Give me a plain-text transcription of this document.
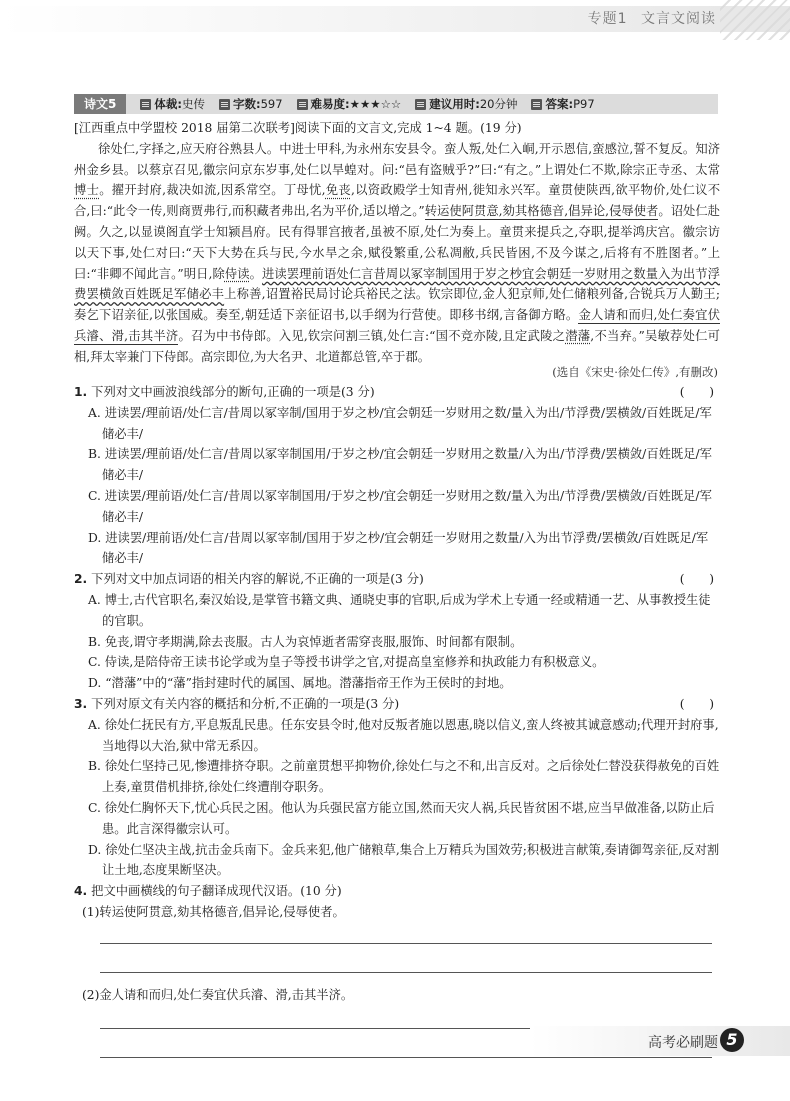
专题1 文言文阅读
诗文5	体裁 : 史传 字数 : 597 难易度 : ★★★☆☆ 建议用时 : 20分钟 答案 : P97

[江西重点中学盟校 2018 届第二次联考]阅读下面的文言文,完成 1~4 题。(19 分)

徐处仁,字择之,应天府谷熟县人。中进士甲科,为永州东安县令。蛮人叛,处仁入峒,开示恩信,蛮感泣,誓不复反。知济州金乡县。以蔡京召见,徽宗问京东岁事,处仁以旱蝗对。问:“邑有盗贼乎?”曰:“有之。”上谓处仁不欺,除宗正寺丞、太常博士。擢开封府,裁决如流,因系常空。丁母忧,免丧,以资政殿学士知青州,徙知永兴军。童贯使陕西,欲平物价,处仁议不合,曰:“此令一传,则商贾弗行,而积藏者弗出,名为平价,适以增之。”转运使阿贯意,劾其格德音,倡异论,侵辱使者。诏处仁赴阙。久之,以显谟阁直学士知颍昌府。民有得罪宫掖者,虽被不原,处仁为奏上。童贯来提兵之,夺职,提举鸿庆宫。徽宗访以天下事,处仁对曰:“天下大势在兵与民,今水旱之余,赋役繁重,公私凋敝,兵民皆困,不及今谋之,后将有不胜图者。”上曰:“非卿不闻此言。”明日,除侍读。进读罢理前语处仁言昔周以冢宰制国用于岁之杪宜会朝廷一岁财用之数量入为出节浮费罢横敛百姓既足军储必丰上称善,诏置裕民局讨论兵裕民之法。钦宗即位,金人犯京师,处仁储粮列备,合锐兵万人勤王;奏乞下诏亲征,以张国威。奏至,朝廷适下亲征诏书,以手纲为行营使。即移书纲,言备御方略。金人请和而归,处仁奏宜伏兵濬、滑,击其半济。召为中书侍郎。入见,钦宗问割三镇,处仁言:“国不竞亦陵,且定武陵之潜藩,不当弃。”吴敏荐处仁可相,拜太宰兼门下侍郎。高宗即位,为大名尹、北道都总管,卒于郡。

(选自《宋史·徐处仁传》,有删改)
1. 下列对文中画波浪线部分的断句,正确的一项是(3 分)	(　　)
A. 进读罢/理前语/处仁言/昔周以冢宰制/国用于岁之杪/宜会朝廷一岁财用之数/量入为出/节浮费/罢横敛/百姓既足/军储必丰/
B. 进读罢/理前语/处仁言/昔周以冢宰制国用/于岁之杪/宜会朝廷一岁财用之数量/入为出/节浮费/罢横敛/百姓既足/军储必丰/
C. 进读罢/理前语/处仁言/昔周以冢宰制国用/于岁之杪/宜会朝廷一岁财用之数/量入为出/节浮费/罢横敛/百姓既足/军储必丰/
D. 进读罢/理前语/处仁言/昔周以冢宰制/国用于岁之杪/宜会朝廷一岁财用之数量/入为出节浮费/罢横敛/百姓既足/军储必丰/
2. 下列对文中加点词语的相关内容的解说,不正确的一项是(3 分)	(　　)
A. 博士,古代官职名,秦汉始设,是掌管书籍文典、通晓史事的官职,后成为学术上专通一经或精通一艺、从事教授生徒的官职。
B. 免丧,谓守孝期满,除去丧服。古人为哀悼逝者需穿丧服,服饰、时间都有限制。
C. 侍读,是陪侍帝王读书论学或为皇子等授书讲学之官,对提高皇室修养和执政能力有积极意义。
D. “潜藩”中的“藩”指封建时代的属国、属地。潜藩指帝王作为王侯时的封地。
3. 下列对原文有关内容的概括和分析,不正确的一项是(3 分)	(　　)
A. 徐处仁抚民有方,平息叛乱民患。任东安县令时,他对反叛者施以恩惠,晓以信义,蛮人终被其诚意感动;代理开封府事,当地得以大治,狱中常无系囚。
B. 徐处仁坚持己见,惨遭排挤夺职。之前童贯想平抑物价,徐处仁与之不和,出言反对。之后徐处仁替没获得赦免的百姓上奏,童贯借机排挤,徐处仁终遭削夺职务。
C. 徐处仁胸怀天下,忧心兵民之困。他认为兵强民富方能立国,然而天灾人祸,兵民皆贫困不堪,应当早做准备,以防止后患。此言深得徽宗认可。
D. 徐处仁坚决主战,抗击金兵南下。金兵来犯,他广储粮草,集合上万精兵为国效劳;积极进言献策,奏请御驾亲征,反对割让土地,态度果断坚决。
4. 把文中画横线的句子翻译成现代汉语。(10 分)
(1)转运使阿贯意,劾其格德音,倡异论,侵辱使者。
(2)金人请和而归,处仁奏宜伏兵濬、滑,击其半济。
高考必刷题 5
